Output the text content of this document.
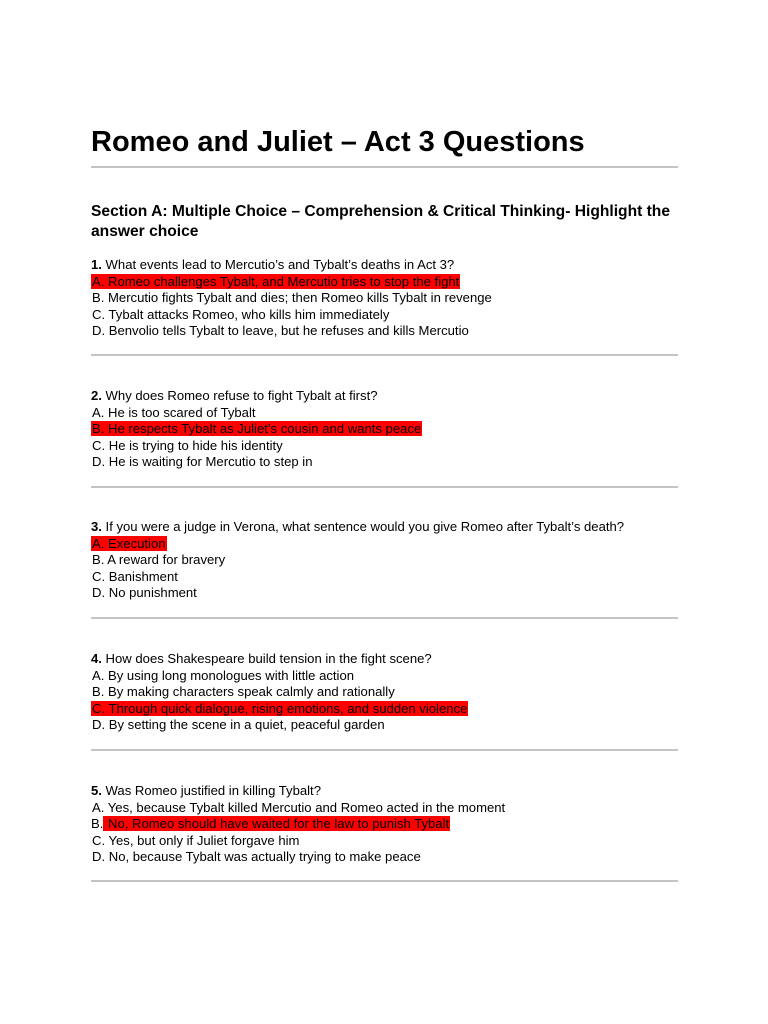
Romeo and Juliet – Act 3 Questions
Section A: Multiple Choice – Comprehension & Critical Thinking- Highlight the answer choice
1. What events lead to Mercutio’s and Tybalt’s deaths in Act 3?
A. Romeo challenges Tybalt, and Mercutio tries to stop the fight
B. Mercutio fights Tybalt and dies; then Romeo kills Tybalt in revenge
C. Tybalt attacks Romeo, who kills him immediately
D. Benvolio tells Tybalt to leave, but he refuses and kills Mercutio
2. Why does Romeo refuse to fight Tybalt at first?
A. He is too scared of Tybalt
B. He respects Tybalt as Juliet’s cousin and wants peace
C. He is trying to hide his identity
D. He is waiting for Mercutio to step in
3. If you were a judge in Verona, what sentence would you give Romeo after Tybalt’s death?
A. Execution
B. A reward for bravery
C. Banishment
D. No punishment
4. How does Shakespeare build tension in the fight scene?
A. By using long monologues with little action
B. By making characters speak calmly and rationally
C. Through quick dialogue, rising emotions, and sudden violence
D. By setting the scene in a quiet, peaceful garden
5. Was Romeo justified in killing Tybalt?
A. Yes, because Tybalt killed Mercutio and Romeo acted in the moment
B. No, Romeo should have waited for the law to punish Tybalt
C. Yes, but only if Juliet forgave him
D. No, because Tybalt was actually trying to make peace
